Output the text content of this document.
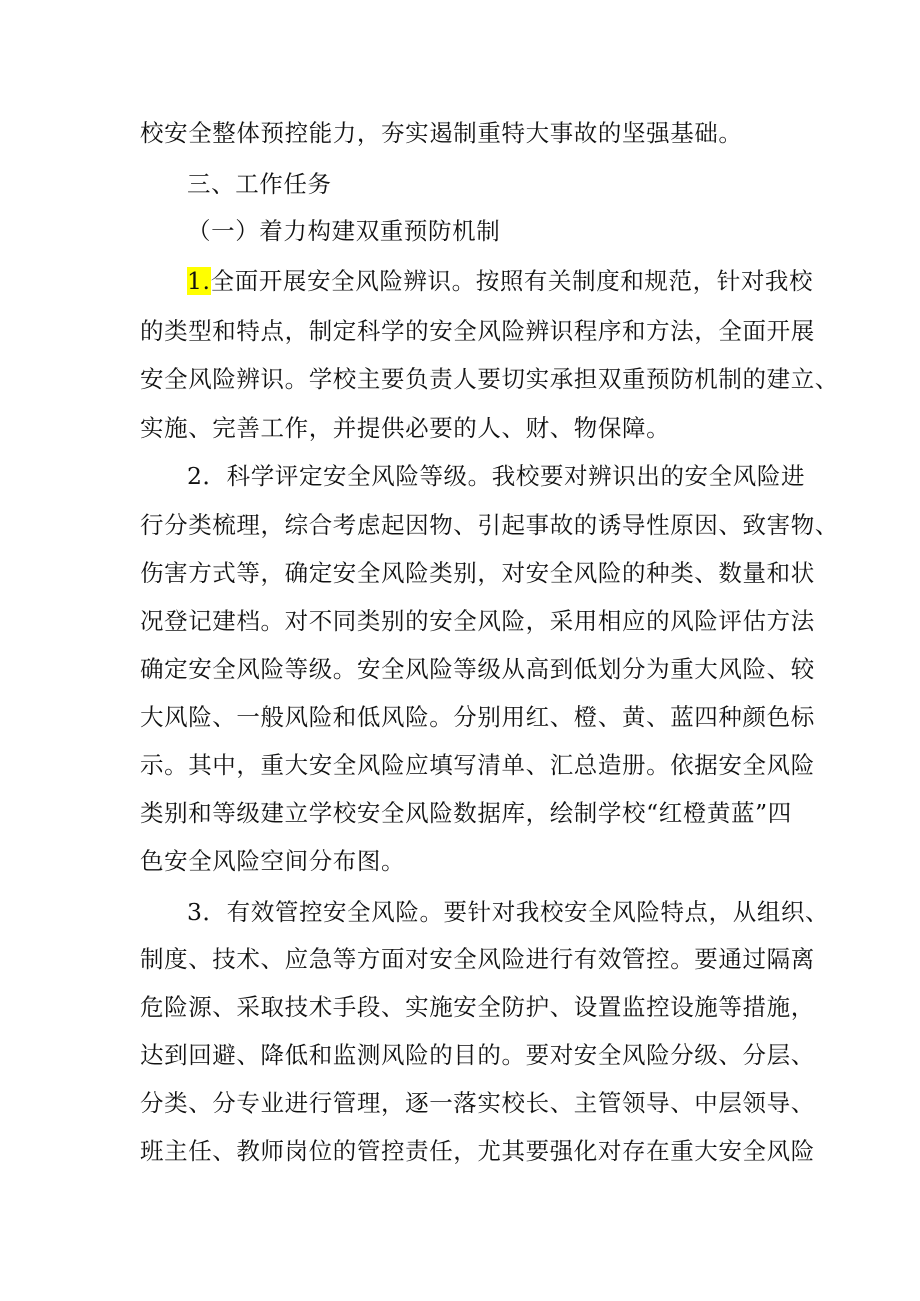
校安全整体预控能力，夯实遏制重特大事故的坚强基础。
三、工作任务
（一）着力构建双重预防机制
1.全面开展安全风险辨识。按照有关制度和规范，针对我校
的类型和特点，制定科学的安全风险辨识程序和方法，全面开展
安全风险辨识。学校主要负责人要切实承担双重预防机制的建立、
实施、完善工作，并提供必要的人、财、物保障。
2．科学评定安全风险等级。我校要对辨识出的安全风险进
行分类梳理，综合考虑起因物、引起事故的诱导性原因、致害物、
伤害方式等，确定安全风险类别，对安全风险的种类、数量和状
况登记建档。对不同类别的安全风险，采用相应的风险评估方法
确定安全风险等级。安全风险等级从高到低划分为重大风险、较
大风险、一般风险和低风险。分别用红、橙、黄、蓝四种颜色标
示。其中，重大安全风险应填写清单、汇总造册。依据安全风险
类别和等级建立学校安全风险数据库，绘制学校“红橙黄蓝”四
色安全风险空间分布图。
3．有效管控安全风险。要针对我校安全风险特点，从组织、
制度、技术、应急等方面对安全风险进行有效管控。要通过隔离
危险源、采取技术手段、实施安全防护、设置监控设施等措施，
达到回避、降低和监测风险的目的。要对安全风险分级、分层、
分类、分专业进行管理，逐一落实校长、主管领导、中层领导、
班主任、教师岗位的管控责任，尤其要强化对存在重大安全风险
